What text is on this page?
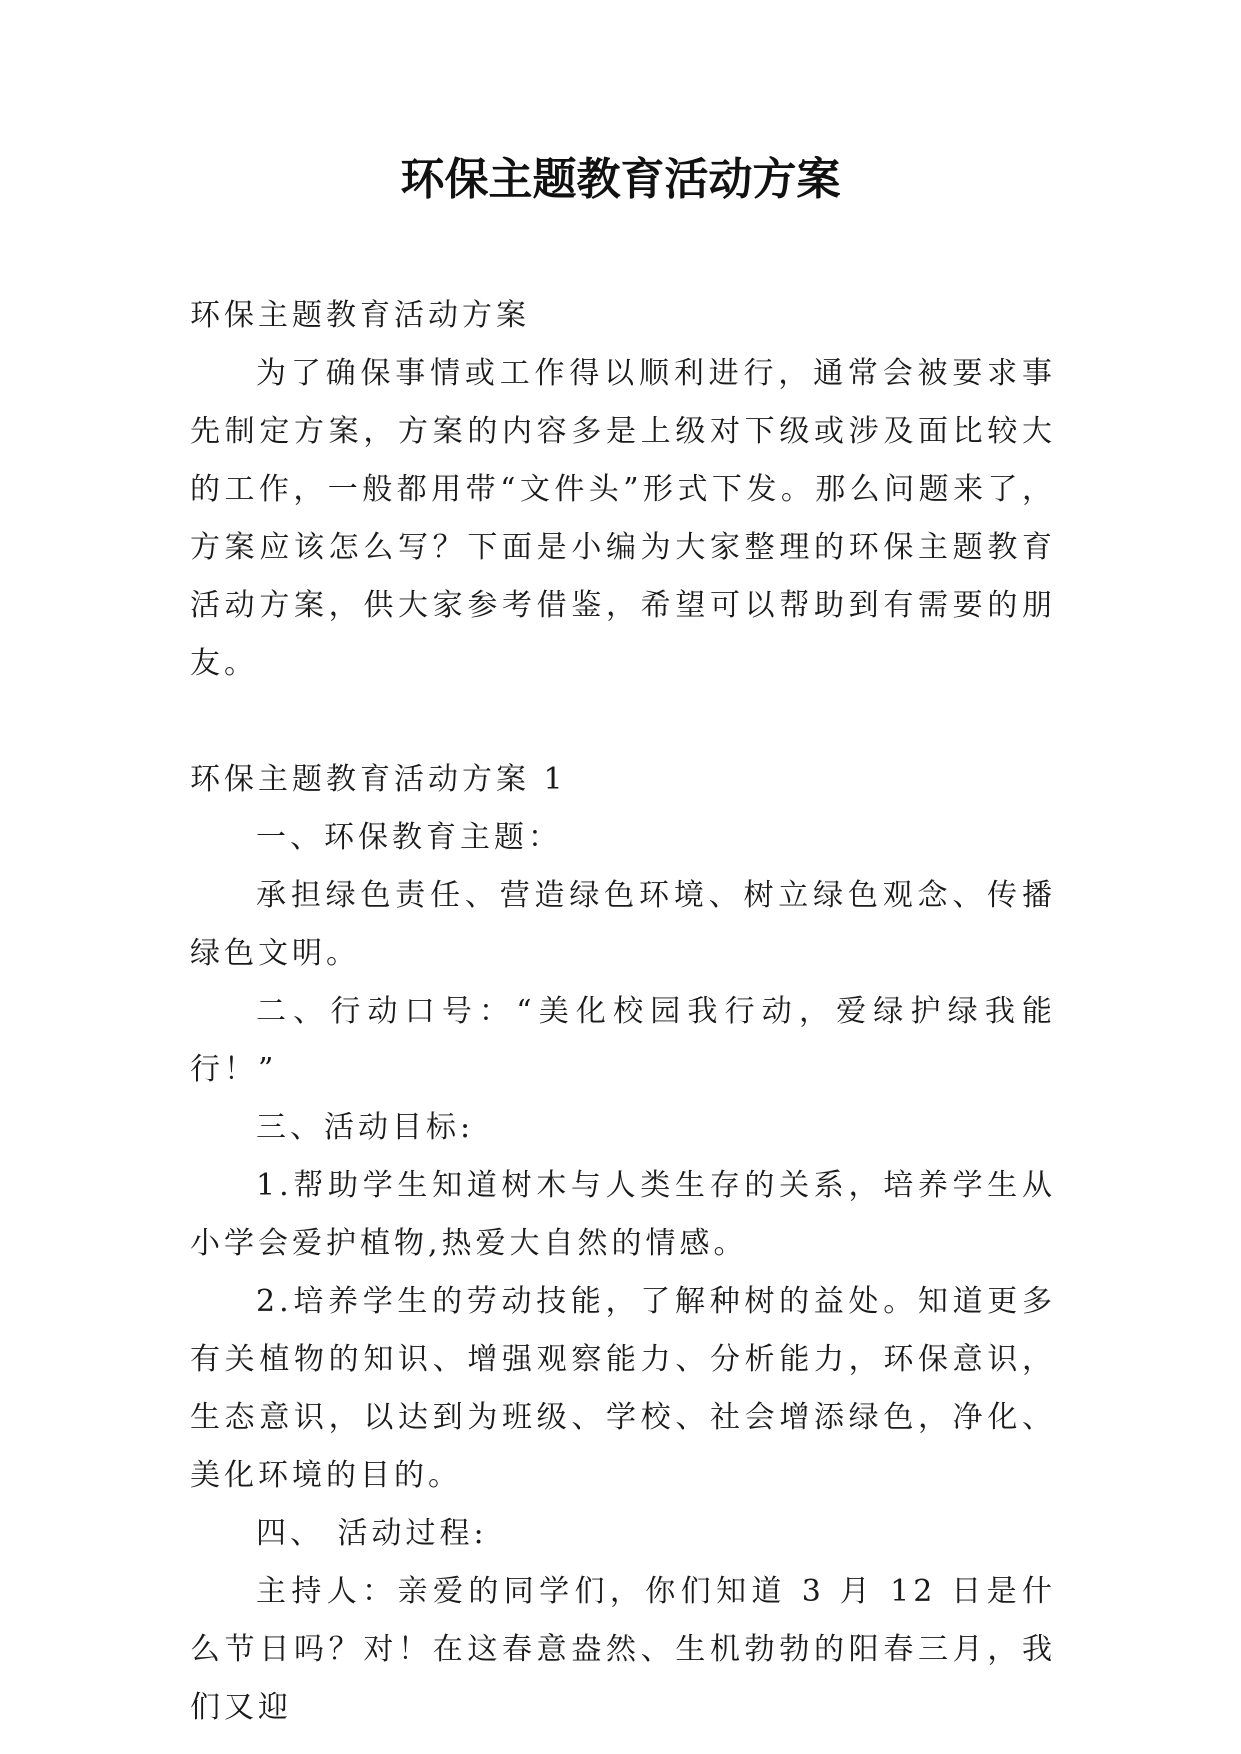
环保主题教育活动方案

环保主题教育活动方案

为了确保事情或工作得以顺利进行，通常会被要求事先制定方案，方案的内容多是上级对下级或涉及面比较大的工作，一般都用带“文件头”形式下发。那么问题来了，方案应该怎么写？下面是小编为大家整理的环保主题教育活动方案，供大家参考借鉴，希望可以帮助到有需要的朋友。

环保主题教育活动方案 1

一、环保教育主题：

承担绿色责任、营造绿色环境、树立绿色观念、传播绿色文明。

二、行动口号：“美化校园我行动，爱绿护绿我能行！”

三、活动目标:

1.帮助学生知道树木与人类生存的关系，培养学生从小学会爱护植物,热爱大自然的情感。

2.培养学生的劳动技能，了解种树的益处。知道更多有关植物的知识、增强观察能力、分析能力，环保意识，生态意识，以达到为班级、学校、社会增添绿色，净化、美化环境的目的。

四、 活动过程:

主持人：亲爱的同学们，你们知道 3 月 12 日是什么节日吗？对！在这春意盎然、生机勃勃的阳春三月，我们又迎
